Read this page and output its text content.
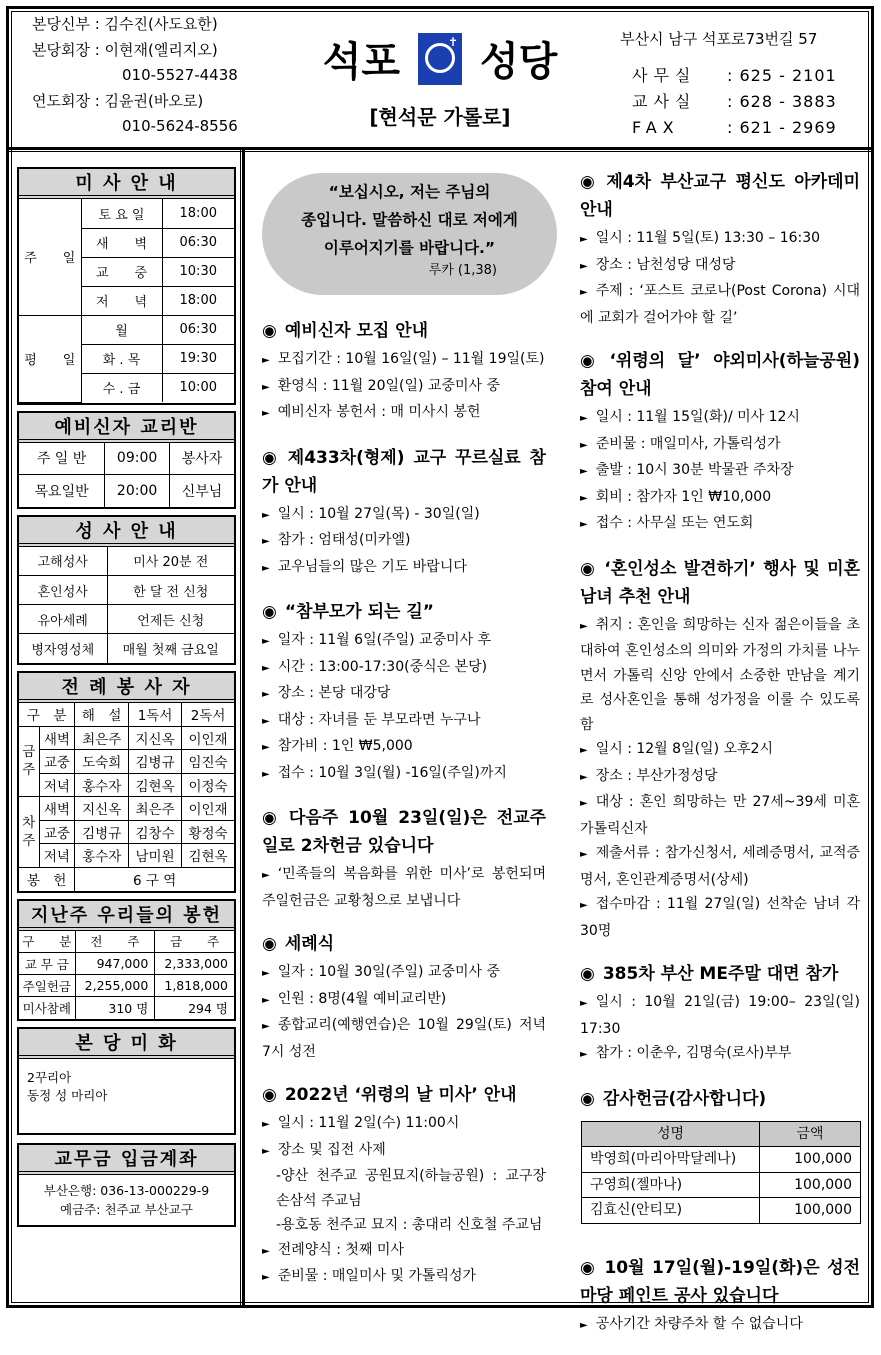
본당신부 : 김수진(사도요한)
본당회장 : 이현재(엘리지오)
010-5527-4438
연도회장 : 김윤권(바오로)
010-5624-8556
석포	✝ 성당
[현석문 가롤로]
부산시 남구 석포로73번길 57
사무실 : 625 - 2101
교사실 : 628 - 3883
FAX	: 621 - 2969
미 사 안 내
주　　일	토 요 일	18:00
	새　　벽	06:30
	교　　중	10:30
	저　　녁	18:00
평　　일	월	06:30
	화 . 목	19:30
	수 . 금	10:00
예비신자 교리반
주 일 반	09:00	봉사자
목요일반	20:00	신부님
성 사 안 내
고해성사	미사 20분 전
혼인성사	한 달 전 신청
유아세례	언제든 신청
병자영성체	매월 첫째 금요일
전 례 봉 사 자
구　분		해　설	1독서	2독서
금주	새벽	최은주	지신옥	이인재
	교중	도숙희	김병규	임진숙
	저녁	홍수자	김현옥	이정숙
차주	새벽	지신옥	최은주	이인재
	교중	김병규	김창수	황정숙
	저녁	홍수자	남미원	김현옥
봉　헌		6 구 역		
지난주 우리들의 봉헌
구　　분	전　　주	금　　주
교 무 금	947,000	2,333,000
주일헌금	2,255,000	1,818,000
미사참례	310 명	294 명
본 당 미 화
2꾸리아
동정 성 마리아
교무금 입금계좌
부산은행: 036-13-000229-9
예금주: 천주교 부산교구
“보십시오, 저는 주님의
종입니다. 말씀하신 대로 저에게
이루어지기를 바랍니다.”
루카 (1,38)
◉ 예비신자 모집 안내
► 모집기간 : 10월 16일(일) – 11월 19일(토)
► 환영식 : 11월 20일(일) 교중미사 중
► 예비신자 봉헌서 : 매 미사시 봉헌
◉ 제433차(형제) 교구 꾸르실료 참가 안내
► 일시 : 10월 27일(목) - 30일(일)
► 참가 : 엄태성(미카엘)
► 교우님들의 많은 기도 바랍니다
◉ “참부모가 되는 길”
► 일자 : 11월 6일(주일) 교중미사 후
► 시간 : 13:00-17:30(중식은 본당)
► 장소 : 본당 대강당
► 대상 : 자녀를 둔 부모라면 누구나
► 참가비 : 1인 ₩5,000
► 접수 : 10월 3일(월) -16일(주일)까지
◉ 다음주 10월 23일(일)은 전교주일로 2차헌금 있습니다
► ‘민족들의 복음화를 위한 미사’로 봉헌되며 주일헌금은 교황청으로 보냅니다
◉ 세례식
► 일자 : 10월 30일(주일) 교중미사 중
► 인원 : 8명(4월 예비교리반)
► 종합교리(예행연습)은 10월 29일(토) 저녁7시 성전
◉ 2022년 ‘위령의 날 미사’ 안내
► 일시 : 11월 2일(수) 11:00시
► 장소 및 집전 사제
-양산 천주교 공원묘지(하늘공원) : 교구장 손삼석 주교님
-용호동 천주교 묘지 : 총대리 신호철 주교님
► 전례양식 : 첫째 미사
► 준비물 : 매일미사 및 가톨릭성가
◉ 제4차 부산교구 평신도 아카데미 안내
► 일시 : 11월 5일(토) 13:30 – 16:30
► 장소 : 남천성당 대성당
► 주제 : ‘포스트 코로나(Post Corona) 시대에 교회가 걸어가야 할 길’
◉ ‘위령의 달’ 야외미사(하늘공원) 참여 안내
► 일시 : 11월 15일(화)/ 미사 12시
► 준비물 : 매일미사, 가톨릭성가
► 출발 : 10시 30분 박물관 주차장
► 회비 : 참가자 1인 ₩10,000
► 접수 : 사무실 또는 연도회
◉ ‘혼인성소 발견하기’ 행사 및 미혼 남녀 추천 안내
► 취지 : 혼인을 희망하는 신자 젊은이들을 초대하여 혼인성소의 의미와 가정의 가치를 나누면서 가톨릭 신앙 안에서 소중한 만남을 계기로 성사혼인을 통해 성가정을 이룰 수 있도록 함
► 일시 : 12월 8일(일) 오후2시
► 장소 : 부산가정성당
► 대상 : 혼인 희망하는 만 27세~39세 미혼 가톨릭신자
► 제출서류 : 참가신청서, 세례증명서, 교적증명서, 혼인관계증명서(상세)
► 접수마감 : 11월 27일(일) 선착순 남녀 각30명
◉ 385차 부산 ME주말 대면 참가
► 일시 : 10월 21일(금) 19:00– 23일(일) 17:30
► 참가 : 이춘우, 김명숙(로사)부부
◉ 감사헌금(감사합니다)
성명	금액
박영희(마리아막달레나)	100,000
구영희(젤마나)	100,000
김효신(안티모)	100,000
◉ 10월 17일(월)-19일(화)은 성전마당 페인트 공사 있습니다
► 공사기간 차량주차 할 수 없습니다
